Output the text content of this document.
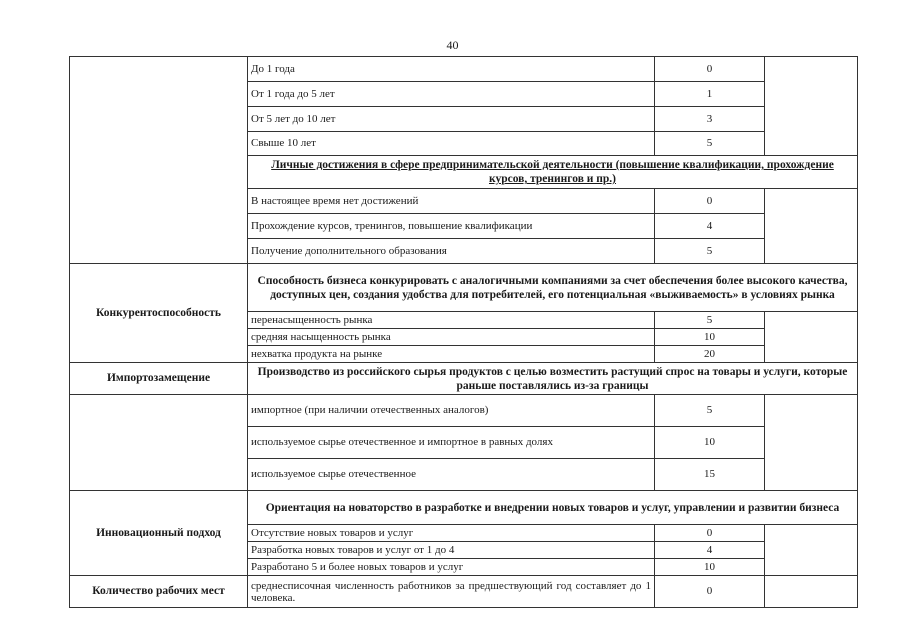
40
	До 1 года	0	
	От 1 года до 5 лет	1	
	От 5 лет до 10 лет	3	
	Свыше 10 лет	5	
	Личные достижения в сфере предпринимательской деятельности (повышение квалификации, прохождение курсов, тренингов и пр.)		
	В настоящее время нет достижений	0	
	Прохождение курсов, тренингов, повышение квалификации	4	
	Получение дополнительного образования	5	
Конкурентоспособность	Способность бизнеса конкурировать с аналогичными компаниями за счет обеспечения более высокого качества, доступных цен, создания удобства для потребителей, его потенциальная «выживаемость» в условиях рынка		
	перенасыщенность рынка	5	
	средняя насыщенность рынка	10	
	нехватка продукта на рынке	20	
Импортозамещение	Производство из российского сырья продуктов с целью возместить растущий спрос на товары и услуги, которые раньше поставлялись из-за границы		
	импортное (при наличии отечественных аналогов)	5	
	используемое сырье отечественное и импортное в равных долях	10	
	используемое сырье отечественное	15	
Инновационный подход	Ориентация на новаторство в разработке и внедрении новых товаров и услуг, управлении и развитии бизнеса		
	Отсутствие новых товаров и услуг	0	
	Разработка новых товаров и услуг от 1 до 4	4	
	Разработано 5 и более новых товаров и услуг	10	
Количество рабочих мест	среднесписочная численность работников за предшествующий год составляет до 1 человека.	0	
